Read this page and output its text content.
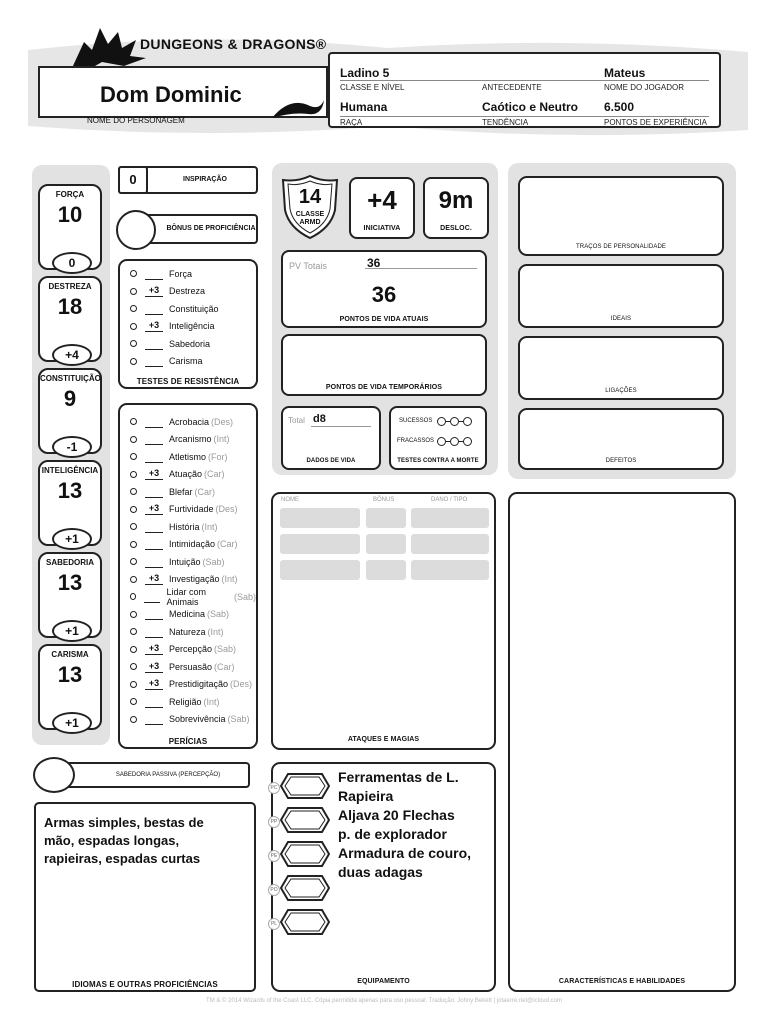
DUNGEONS & DRAGONS®
Dom Dominic
NOME DO PERSONAGEM
Ladino 5
CLASSE E NÍVEL	ANTECEDENTE
Mateus
NOME DO JOGADOR
Humana
RAÇA
Caótico e Neutro
TENDÊNCIA
6.500
PONTOS DE EXPERIÊNCIA
FORÇA
10
0
DESTREZA
18
+4
CONSTITUIÇÃO
9
-1
INTELIGÊNCIA
13
+1
SABEDORIA
13
+1
CARISMA
13
+1
0	INSPIRAÇÃO
BÔNUS DE PROFICIÊNCIA
Força
+3	Destreza
Constituição
+3	Inteligência
Sabedoria
Carisma
TESTES DE RESISTÊNCIA
Acrobacia (Des)
Arcanismo (Int)
Atletismo (For)
+3	Atuação (Car)
Blefar (Car)
+3	Furtividade (Des)
História (Int)
Intimidação (Car)
Intuição (Sab)
+3	Investigação (Int)
Lidar com Animais	(Sab)
Medicina (Sab)
Natureza (Int)
+3	Percepção (Sab)
+3	Persuasão (Car)
+3	Prestidigitação (Des)
Religião (Int)
Sobrevivência (Sab)
PERÍCIAS
SABEDORIA PASSIVA (PERCEPÇÃO)
Armas simples, bestas de mão, espadas longas, rapieiras, espadas curtas
IDIOMAS E OUTRAS PROFICIÊNCIAS
14
CLASSE
ARMD
+4
INICIATIVA
9m
DESLOC.
PV Totais	36
36
PONTOS DE VIDA ATUAIS
PONTOS DE VIDA TEMPORÁRIOS
Total d8
DADOS DE VIDA
SUCESSOS
FRACASSOS
TESTES CONTRA A MORTE
TRAÇOS DE PERSONALIDADE
IDEAIS
LIGAÇÕES
DEFEITOS
NOME	BÔNUS	DANO / TIPO
ATAQUES E MAGIAS
CARACTERÍSTICAS E HABILIDADES
EQUIPAMENTO
PC
PP
PE
PO
PL
Ferramentas de L.
Rapieira
Aljava 20 Flechas
p. de explorador
Armadura de couro,
duas adagas
TM & © 2014 Wizards of the Coast LLC. Cópia permitida apenas para uso pessoal. Tradução: Johny Bekett | jotaerre.net@icloud.com
